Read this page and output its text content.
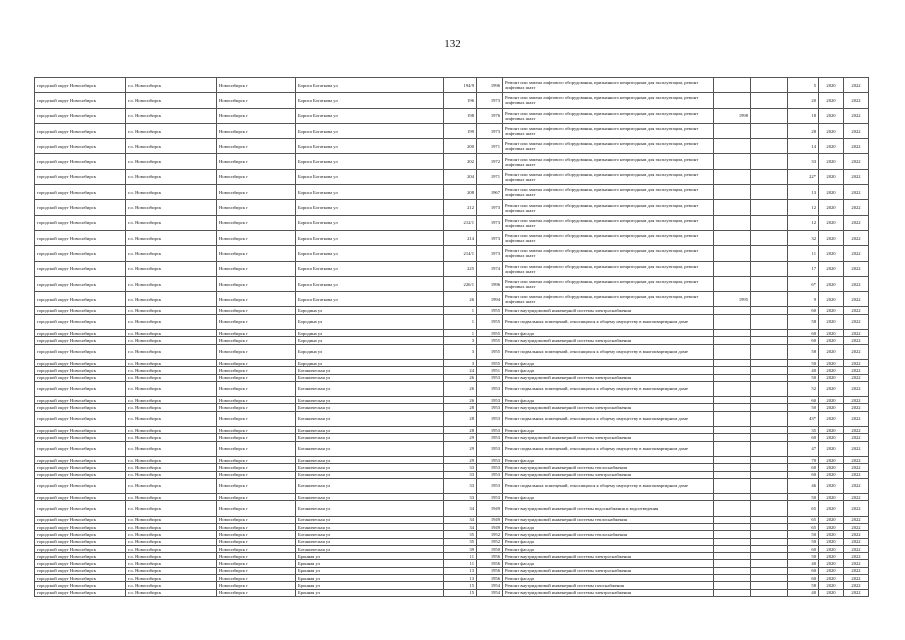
132
городской округ Новосибирск	г.о. Новосибирск	Новосибирск г	Бориса Богаткова ул	194/9	1996	Ремонт или замена лифтового оборудования, признанного непригодным для эксплуатации, ремонт лифтовых шахт			5	2020	2022
городской округ Новосибирск	г.о. Новосибирск	Новосибирск г	Бориса Богаткова ул	196	1973	Ремонт или замена лифтового оборудования, признанного непригодным для эксплуатации, ремонт лифтовых шахт			20	2020	2022
городской округ Новосибирск	г.о. Новосибирск	Новосибирск г	Бориса Богаткова ул	198	1976	Ремонт или замена лифтового оборудования, признанного непригодным для эксплуатации, ремонт лифтовых шахт	1998		18	2020	2022
городской округ Новосибирск	г.о. Новосибирск	Новосибирск г	Бориса Богаткова ул	199	1973	Ремонт или замена лифтового оборудования, признанного непригодным для эксплуатации, ремонт лифтовых шахт			28	2020	2022
городской округ Новосибирск	г.о. Новосибирск	Новосибирск г	Бориса Богаткова ул	200	1971	Ремонт или замена лифтового оборудования, признанного непригодным для эксплуатации, ремонт лифтовых шахт			14	2020	2022
городской округ Новосибирск	г.о. Новосибирск	Новосибирск г	Бориса Богаткова ул	202	1972	Ремонт или замена лифтового оборудования, признанного непригодным для эксплуатации, ремонт лифтовых шахт			33	2020	2022
городской округ Новосибирск	г.о. Новосибирск	Новосибирск г	Бориса Богаткова ул	204	1971	Ремонт или замена лифтового оборудования, признанного непригодным для эксплуатации, ремонт лифтовых шахт			22*	2020	2022
городской округ Новосибирск	г.о. Новосибирск	Новосибирск г	Бориса Богаткова ул	208	1967	Ремонт или замена лифтового оборудования, признанного непригодным для эксплуатации, ремонт лифтовых шахт			13	2020	2022
городской округ Новосибирск	г.о. Новосибирск	Новосибирск г	Бориса Богаткова ул	212	1973	Ремонт или замена лифтового оборудования, признанного непригодным для эксплуатации, ремонт лифтовых шахт			12	2020	2022
городской округ Новосибирск	г.о. Новосибирск	Новосибирск г	Бориса Богаткова ул	212/1	1973	Ремонт или замена лифтового оборудования, признанного непригодным для эксплуатации, ремонт лифтовых шахт			12	2020	2022
городской округ Новосибирск	г.о. Новосибирск	Новосибирск г	Бориса Богаткова ул	214	1973	Ремонт или замена лифтового оборудования, признанного непригодным для эксплуатации, ремонт лифтовых шахт			32	2020	2022
городской округ Новосибирск	г.о. Новосибирск	Новосибирск г	Бориса Богаткова ул	214/1	1973	Ремонт или замена лифтового оборудования, признанного непригодным для эксплуатации, ремонт лифтовых шахт			11	2020	2022
городской округ Новосибирск	г.о. Новосибирск	Новосибирск г	Бориса Богаткова ул	225	1974	Ремонт или замена лифтового оборудования, признанного непригодным для эксплуатации, ремонт лифтовых шахт			17	2020	2022
городской округ Новосибирск	г.о. Новосибирск	Новосибирск г	Бориса Богаткова ул	226/1	1996	Ремонт или замена лифтового оборудования, признанного непригодным для эксплуатации, ремонт лифтовых шахт			6*	2020	2022
городской округ Новосибирск	г.о. Новосибирск	Новосибирск г	Бориса Богаткова ул	26	1994	Ремонт или замена лифтового оборудования, признанного непригодным для эксплуатации, ремонт лифтовых шахт	1995		9	2020	2022
городской округ Новосибирск	г.о. Новосибирск	Новосибирск г	Бородина ул	1	1955	Ремонт внутридомовой инженерной системы электроснабжения			60	2020	2022
городской округ Новосибирск	г.о. Новосибирск	Новосибирск г	Бородина ул	1	1955	Ремонт подвальных помещений, относящихся к общему имуществу в многоквартирном доме			58	2020	2022
городской округ Новосибирск	г.о. Новосибирск	Новосибирск г	Бородина ул	1	1955	Ремонт фасада			60	2020	2022
городской округ Новосибирск	г.о. Новосибирск	Новосибирск г	Бородина ул	3	1955	Ремонт внутридомовой инженерной системы электроснабжения			60	2020	2022
городской округ Новосибирск	г.о. Новосибирск	Новосибирск г	Бородина ул	3	1955	Ремонт подвальных помещений, относящихся к общему имуществу в многоквартирном доме			58	2020	2022
городской округ Новосибирск	г.о. Новосибирск	Новосибирск г	Бородина ул	3	1955	Ремонт фасада			50	2020	2022
городской округ Новосибирск	г.о. Новосибирск	Новосибирск г	Ботаническая ул	24	1951	Ремонт фасада			40	2020	2022
городской округ Новосибирск	г.о. Новосибирск	Новосибирск г	Ботаническая ул	26	1953	Ремонт внутридомовой инженерной системы электроснабжения			50	2020	2022
городской округ Новосибирск	г.о. Новосибирск	Новосибирск г	Ботаническая ул	26	1953	Ремонт подвальных помещений, относящихся к общему имуществу в многоквартирном доме			52	2020	2022
городской округ Новосибирск	г.о. Новосибирск	Новосибирск г	Ботаническая ул	26	1953	Ремонт фасада			60	2020	2022
городской округ Новосибирск	г.о. Новосибирск	Новосибирск г	Ботаническая ул	28	1953	Ремонт внутридомовой инженерной системы электроснабжения			50	2020	2022
городской округ Новосибирск	г.о. Новосибирск	Новосибирск г	Ботаническая ул	28	1953	Ремонт подвальных помещений, относящихся к общему имуществу в многоквартирном доме			43*	2020	2022
городской округ Новосибирск	г.о. Новосибирск	Новосибирск г	Ботаническая ул	28	1953	Ремонт фасада			35	2020	2022
городской округ Новосибирск	г.о. Новосибирск	Новосибирск г	Ботаническая ул	29	1953	Ремонт внутридомовой инженерной системы электроснабжения			60	2020	2022
городской округ Новосибирск	г.о. Новосибирск	Новосибирск г	Ботаническая ул	29	1953	Ремонт подвальных помещений, относящихся к общему имуществу в многоквартирном доме			47	2020	2022
городской округ Новосибирск	г.о. Новосибирск	Новосибирск г	Ботаническая ул	29	1953	Ремонт фасада			70	2020	2022
городской округ Новосибирск	г.о. Новосибирск	Новосибирск г	Ботаническая ул	33	1953	Ремонт внутридомовой инженерной системы теплоснабжения			60	2020	2022
городской округ Новосибирск	г.о. Новосибирск	Новосибирск г	Ботаническая ул	33	1953	Ремонт внутридомовой инженерной системы электроснабжения			60	2020	2022
городской округ Новосибирск	г.о. Новосибирск	Новосибирск г	Ботаническая ул	33	1953	Ремонт подвальных помещений, относящихся к общему имуществу в многоквартирном доме			46	2020	2022
городской округ Новосибирск	г.о. Новосибирск	Новосибирск г	Ботаническая ул	33	1953	Ремонт фасада			50	2020	2022
городской округ Новосибирск	г.о. Новосибирск	Новосибирск г	Ботаническая ул	34	1949	Ремонт внутридомовой инженерной системы водоснабжения и водоотведения			65	2020	2022
городской округ Новосибирск	г.о. Новосибирск	Новосибирск г	Ботаническая ул	34	1949	Ремонт внутридомовой инженерной системы теплоснабжения			65	2020	2022
городской округ Новосибирск	г.о. Новосибирск	Новосибирск г	Ботаническая ул	34	1949	Ремонт фасада			65	2020	2022
городской округ Новосибирск	г.о. Новосибирск	Новосибирск г	Ботаническая ул	35	1952	Ремонт внутридомовой инженерной системы теплоснабжения			50	2020	2022
городской округ Новосибирск	г.о. Новосибирск	Новосибирск г	Ботаническая ул	35	1952	Ремонт фасада			50	2020	2022
городской округ Новосибирск	г.о. Новосибирск	Новосибирск г	Ботаническая ул	39	1950	Ремонт фасада			60	2020	2022
городской округ Новосибирск	г.о. Новосибирск	Новосибирск г	Бронная ул	11	1956	Ремонт внутридомовой инженерной системы электроснабжения			50	2020	2022
городской округ Новосибирск	г.о. Новосибирск	Новосибирск г	Бронная ул	11	1956	Ремонт фасада			40	2020	2022
городской округ Новосибирск	г.о. Новосибирск	Новосибирск г	Бронная ул	13	1956	Ремонт внутридомовой инженерной системы электроснабжения			60	2020	2022
городской округ Новосибирск	г.о. Новосибирск	Новосибирск г	Бронная ул	13	1956	Ремонт фасада			60	2020	2022
городской округ Новосибирск	г.о. Новосибирск	Новосибирск г	Бронная ул	15	1954	Ремонт внутридомовой инженерной системы газоснабжения			58	2020	2022
городской округ Новосибирск	г.о. Новосибирск	Новосибирск г	Бронная ул	15	1954	Ремонт внутридомовой инженерной системы электроснабжения			40	2020	2022
